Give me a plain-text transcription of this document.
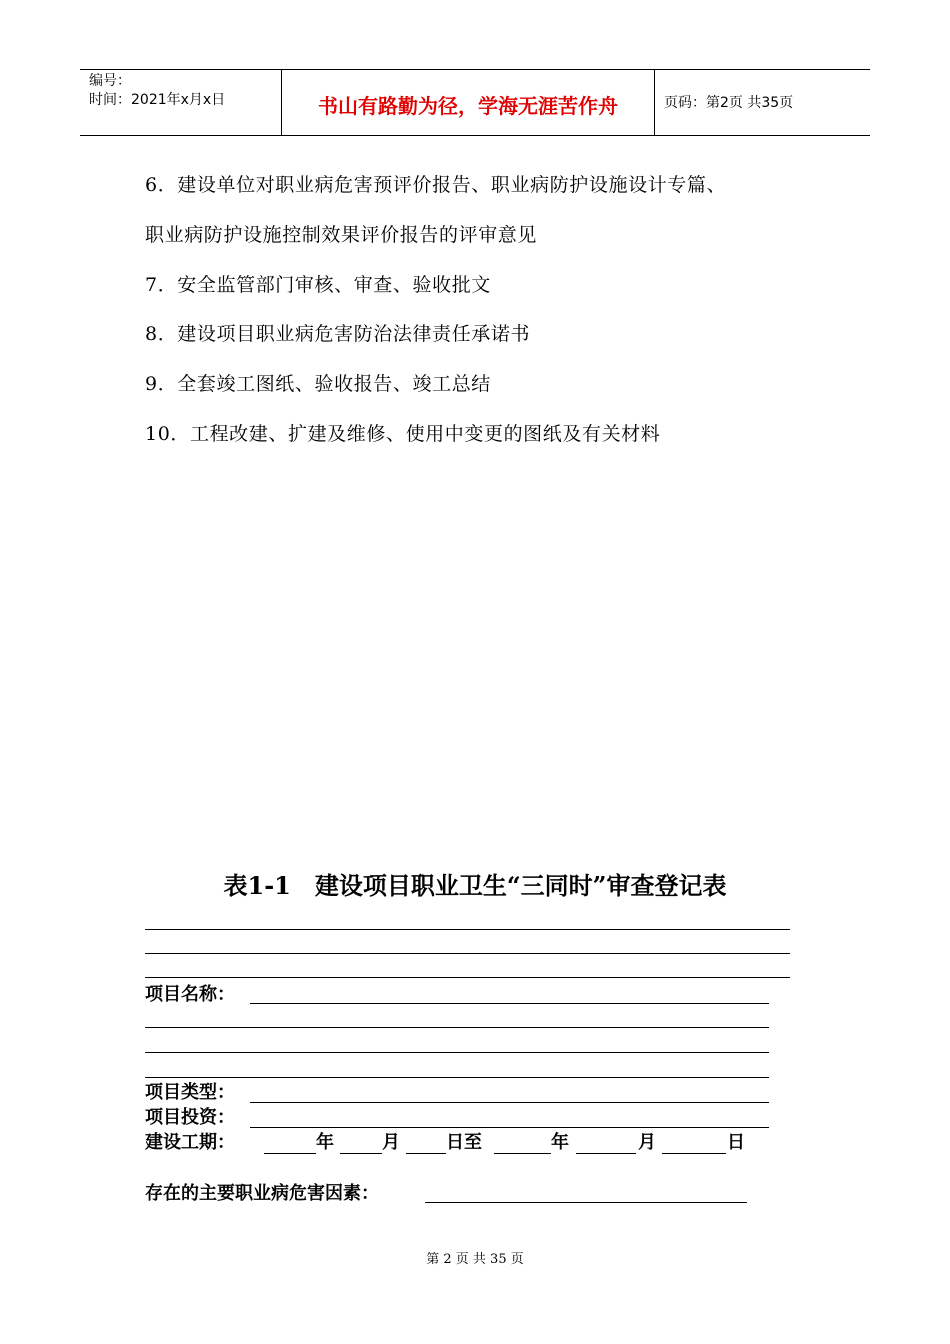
编号：
时间：2021年x月x日	书山有路勤为径，学海无涯苦作舟	页码：第2页 共35页
6．建设单位对职业病危害预评价报告、职业病防护设施设计专篇、
职业病防护设施控制效果评价报告的评审意见
7．安全监管部门审核、审查、验收批文
8．建设项目职业病危害防治法律责任承诺书
9．全套竣工图纸、验收报告、竣工总结
10．工程改建、扩建及维修、使用中变更的图纸及有关材料
表1-1　建设项目职业卫生“三同时”审查登记表
项目名称：
项目类型：
项目投资：
建设工期：	年	月	日至	年	月	日
存在的主要职业病危害因素：
第 2 页 共 35 页
